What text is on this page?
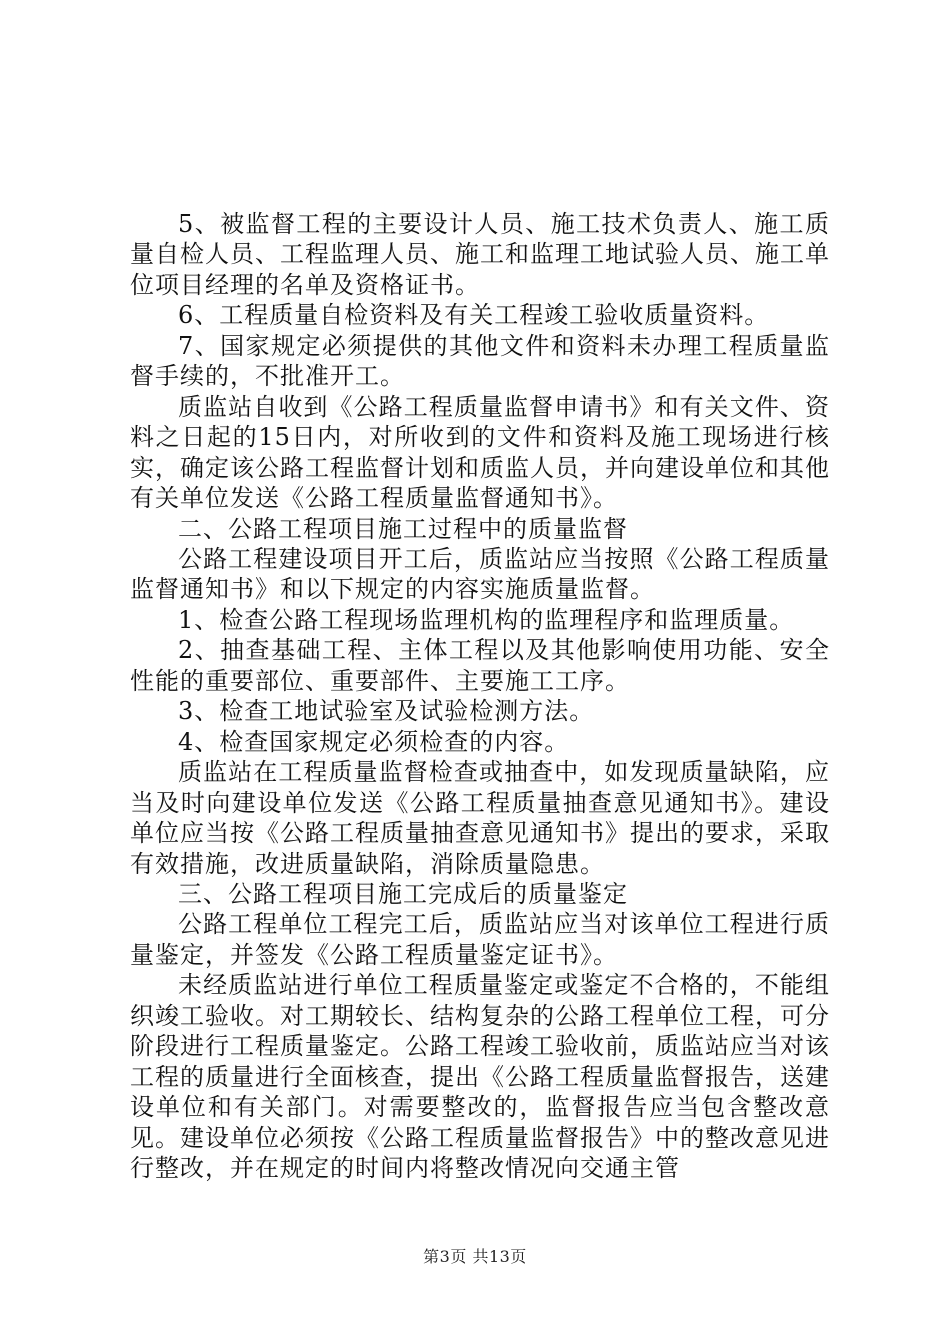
5、被监督工程的主要设计人员、施工技术负责人、施工质量自检人员、工程监理人员、施工和监理工地试验人员、施工单位项目经理的名单及资格证书。

6、工程质量自检资料及有关工程竣工验收质量资料。

7、国家规定必须提供的其他文件和资料未办理工程质量监督手续的，不批准开工。

质监站自收到《公路工程质量监督申请书》和有关文件、资料之日起的15日内，对所收到的文件和资料及施工现场进行核实，确定该公路工程监督计划和质监人员，并向建设单位和其他有关单位发送《公路工程质量监督通知书》。

二、公路工程项目施工过程中的质量监督

公路工程建设项目开工后，质监站应当按照《公路工程质量监督通知书》和以下规定的内容实施质量监督。

1、检查公路工程现场监理机构的监理程序和监理质量。

2、抽查基础工程、主体工程以及其他影响使用功能、安全性能的重要部位、重要部件、主要施工工序。

3、检查工地试验室及试验检测方法。

4、检查国家规定必须检查的内容。

质监站在工程质量监督检查或抽查中，如发现质量缺陷，应当及时向建设单位发送《公路工程质量抽查意见通知书》。建设单位应当按《公路工程质量抽查意见通知书》提出的要求，采取有效措施，改进质量缺陷，消除质量隐患。

三、公路工程项目施工完成后的质量鉴定

公路工程单位工程完工后，质监站应当对该单位工程进行质量鉴定，并签发《公路工程质量鉴定证书》。

未经质监站进行单位工程质量鉴定或鉴定不合格的，不能组织竣工验收。对工期较长、结构复杂的公路工程单位工程，可分阶段进行工程质量鉴定。公路工程竣工验收前，质监站应当对该工程的质量进行全面核查，提出《公路工程质量监督报告，送建设单位和有关部门。对需要整改的，监督报告应当包含整改意见。建设单位必须按《公路工程质量监督报告》中的整改意见进行整改，并在规定的时间内将整改情况向交通主管

第3页 共13页
